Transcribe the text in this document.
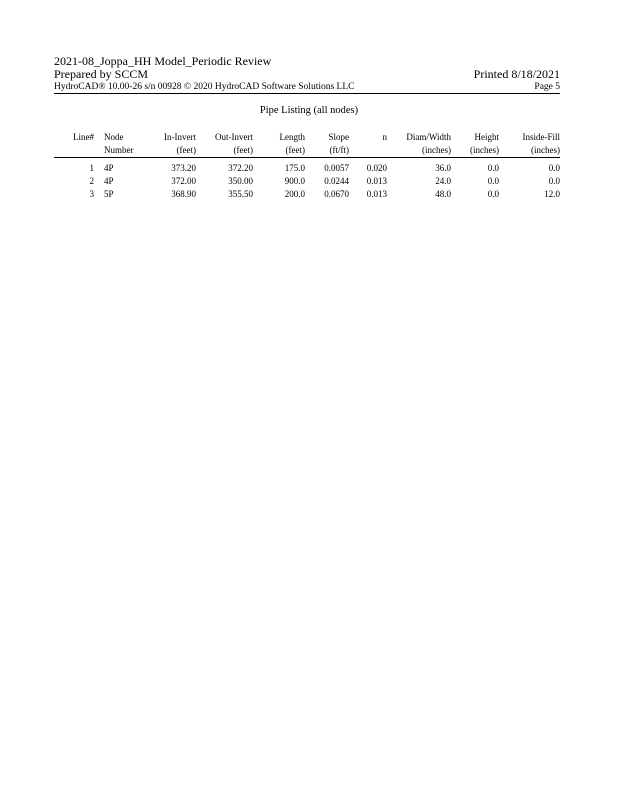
2021-08_Joppa_HH Model_Periodic Review
Prepared by SCCM	Printed 8/18/2021
HydroCAD® 10.00-26 s/n 00928 © 2020 HydroCAD Software Solutions LLC	Page 5
Pipe Listing (all nodes)
Line#	Node	In-Invert	Out-Invert	Length	Slope	n	Diam/Width	Height	Inside-Fill
	Number	(feet)	(feet)	(feet)	(ft/ft)		(inches)	(inches)	(inches)
1	4P	373.20	372.20	175.0	0.0057	0.020	36.0	0.0	0.0
2	4P	372.00	350.00	900.0	0.0244	0.013	24.0	0.0	0.0
3	5P	368.90	355.50	200.0	0.0670	0.013	48.0	0.0	12.0
